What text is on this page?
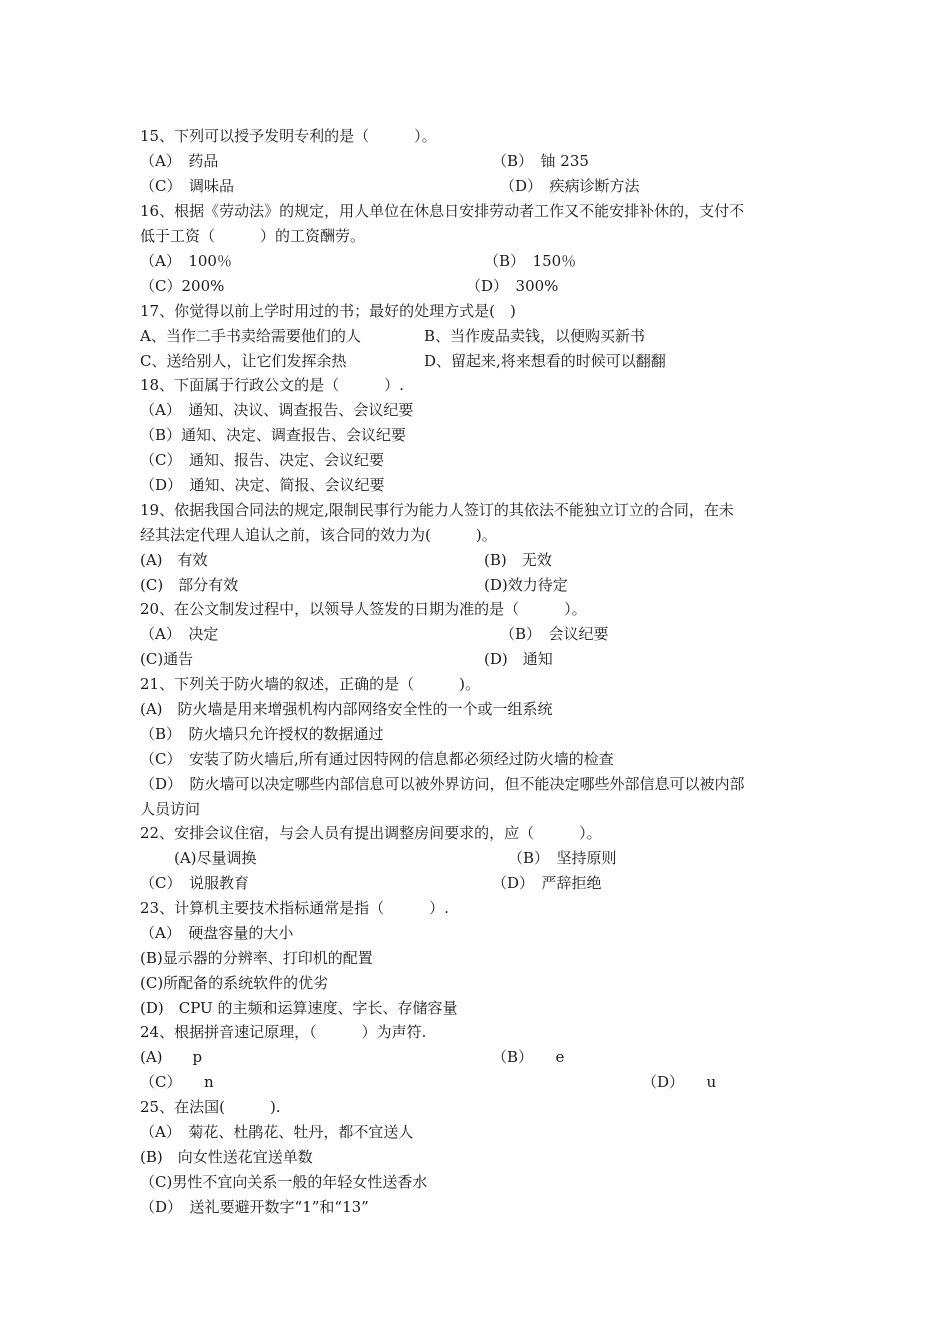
15、下列可以授予发明专利的是（　　　）。
（A）　药品	（B）　铀 235
（C）　调味品	（D）　疾病诊断方法
16、根据《劳动法》的规定，用人单位在休息日安排劳动者工作又不能安排补休的，支付不
低于工资（　　　）的工资酬劳。
（A）　100％	（B）　150％
（C）200%	（D）　300%
17、你觉得以前上学时用过的书；最好的处理方式是(　)
A、当作二手书卖给需要他们的人	B、当作废品卖钱，以便购买新书
C、送给别人，让它们发挥余热	D、留起来,将来想看的时候可以翻翻
18、下面属于行政公文的是（　　　）.
（A）　通知、决议、调查报告、会议纪要
（B）通知、决定、调查报告、会议纪要
（C）　通知、报告、决定、会议纪要
（D）　通知、决定、简报、会议纪要
19、依据我国合同法的规定,限制民事行为能力人签订的其依法不能独立订立的合同，在未
经其法定代理人追认之前，该合同的效力为(　　　)。
(A)　有效	(B)　无效
(C)　部分有效	(D)效力待定
20、在公文制发过程中，以领导人签发的日期为准的是（　　　）。
（A）　决定	（B）　会议纪要
(C)通告	(D)　通知
21、下列关于防火墙的叙述，正确的是（　　　)。
(A)　防火墙是用来增强机构内部网络安全性的一个或一组系统
（B）　防火墙只允许授权的数据通过
（C）　安装了防火墙后,所有通过因特网的信息都必须经过防火墙的检查
（D）　防火墙可以决定哪些内部信息可以被外界访问，但不能决定哪些外部信息可以被内部
人员访问
22、安排会议住宿，与会人员有提出调整房间要求的，应（　　　）。
(A)尽量调换	（B）　坚持原则
（C）　说服教育	（D）　严辞拒绝
23、计算机主要技术指标通常是指（　　　）.
（A）　硬盘容量的大小
(B)显示器的分辨率、打印机的配置
(C)所配备的系统软件的优劣
(D)　CPU 的主频和运算速度、字长、存储容量
24、根据拼音速记原理，（　　　）为声符.
(A)　　p	（B）　　e
（C）　　n	（D）　　u
25、在法国(　　　).
（A）　菊花、杜鹃花、牡丹，都不宜送人
(B)　向女性送花宜送单数
（C)男性不宜向关系一般的年轻女性送香水
（D）　送礼要避开数字“1”和“13”
